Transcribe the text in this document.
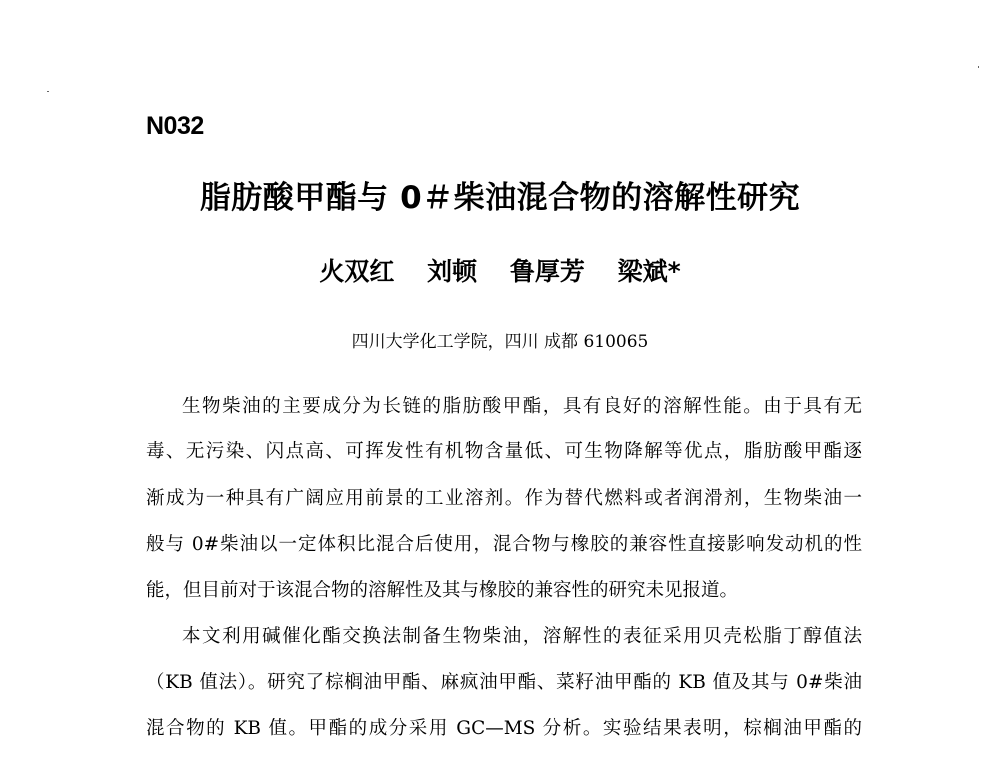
N032
脂肪酸甲酯与 0＃柴油混合物的溶解性研究
火双红 刘顿 鲁厚芳 梁斌*
四川大学化工学院，四川 成都 610065
生物柴油的主要成分为长链的脂肪酸甲酯，具有良好的溶解性能。由于具有无
毒、无污染、闪点高、可挥发性有机物含量低、可生物降解等优点，脂肪酸甲酯逐
渐成为一种具有广阔应用前景的工业溶剂。作为替代燃料或者润滑剂，生物柴油一
般与 0#柴油以一定体积比混合后使用，混合物与橡胶的兼容性直接影响发动机的性
能，但目前对于该混合物的溶解性及其与橡胶的兼容性的研究未见报道。
本文利用碱催化酯交换法制备生物柴油，溶解性的表征采用贝壳松脂丁醇值法
（KB 值法）。研究了棕榈油甲酯、麻疯油甲酯、菜籽油甲酯的 KB 值及其与 0#柴油
混合物的 KB 值。甲酯的成分采用 GC—MS 分析。实验结果表明，棕榈油甲酯的
